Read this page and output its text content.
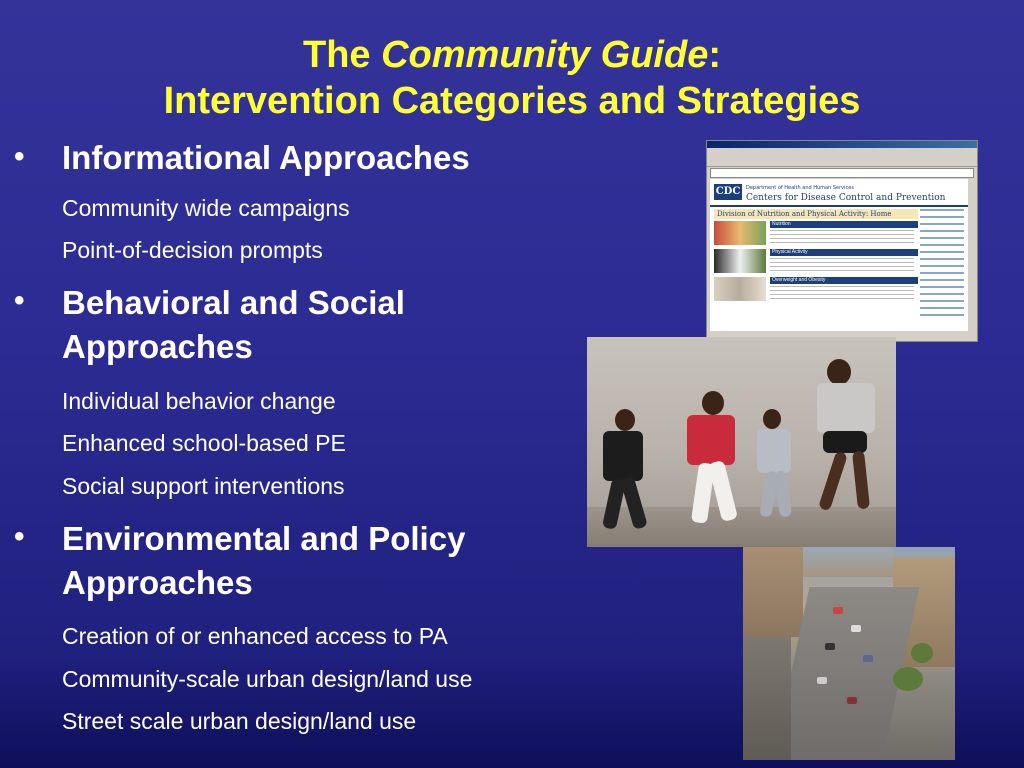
The Community Guide:
Intervention Categories and Strategies
• Informational Approaches
Community wide campaigns
Point-of-decision prompts
• Behavioral and Social
Approaches
Individual behavior change
Enhanced school-based PE
Social support interventions
• Environmental and Policy
Approaches
Creation of or enhanced access to PA
Community-scale urban design/land use
Street scale urban design/land use
CDC	Department of Health and Human Services
Centers for Disease Control and Prevention
Division of Nutrition and Physical Activity: Home
Nutrition
Physical Activity
Overweight and Obesity
